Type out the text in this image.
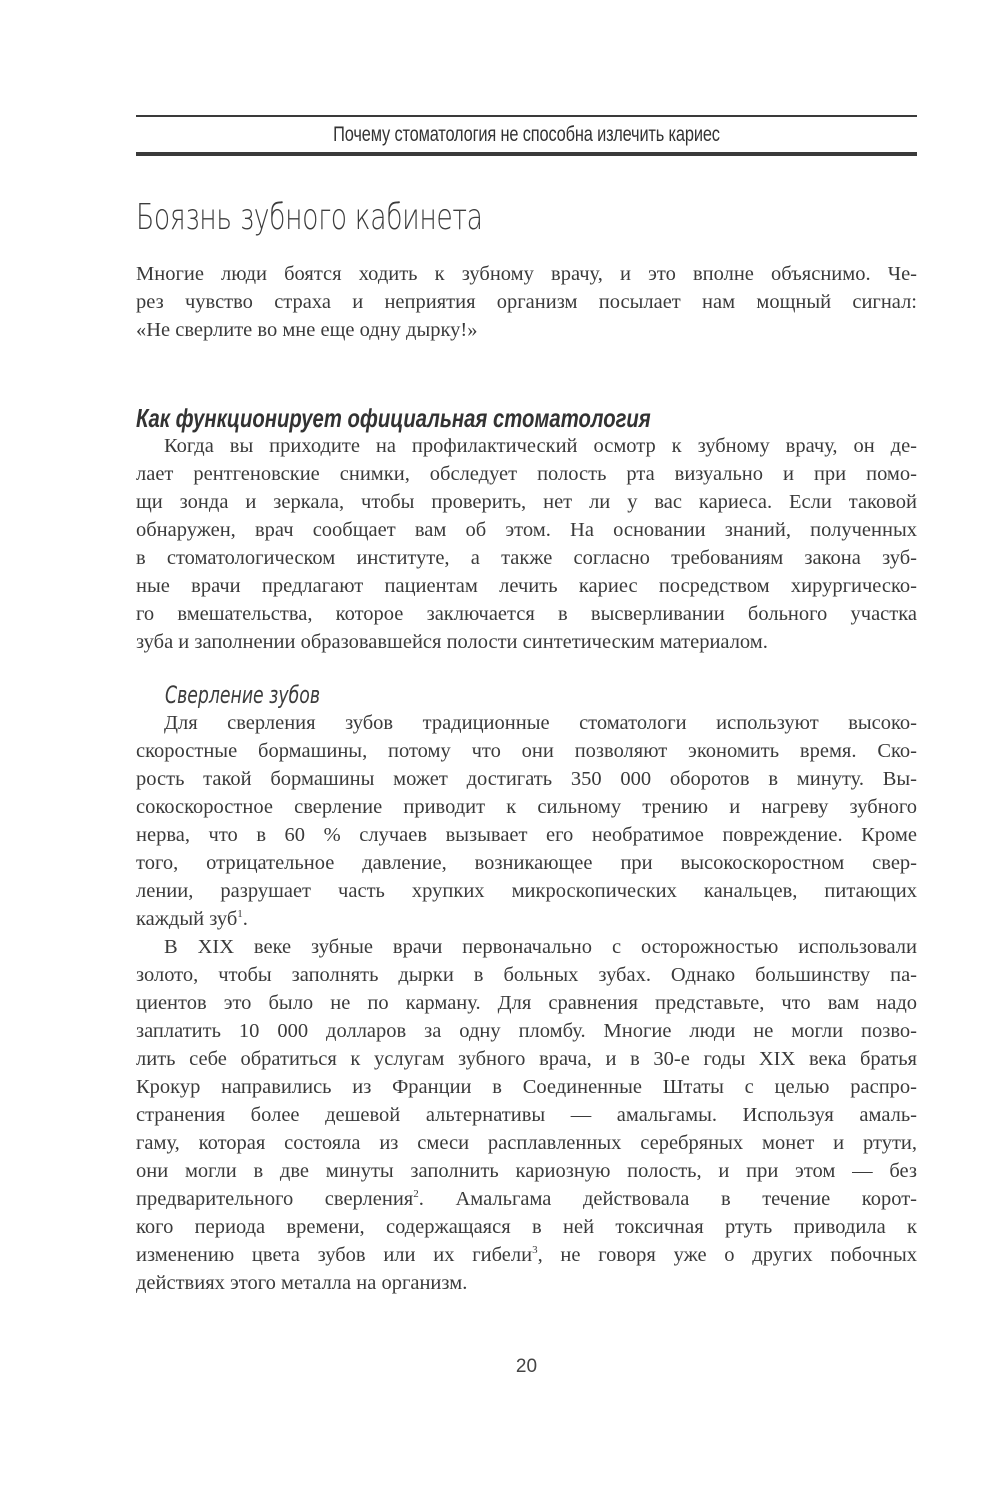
Почему стоматология не способна излечить кариес
Боязнь зубного кабинета
Многие люди боятся ходить к зубному врачу, и это вполне объяснимо. Че-
рез чувство страха и неприятия организм посылает нам мощный сигнал:
«Не сверлите во мне еще одну дырку!»
Как функционирует официальная стоматология
Когда вы приходите на профилактический осмотр к зубному врачу, он де-
лает рентгеновские снимки, обследует полость рта визуально и при помо-
щи зонда и зеркала, чтобы проверить, нет ли у вас кариеса. Если таковой
обнаружен, врач сообщает вам об этом. На основании знаний, полученных
в стоматологическом институте, а также согласно требованиям закона зуб-
ные врачи предлагают пациентам лечить кариес посредством хирургическо-
го вмешательства, которое заключается в высверливании больного участка
зуба и заполнении образовавшейся полости синтетическим материалом.
Сверление зубов
Для сверления зубов традиционные стоматологи используют высоко-
скоростные бормашины, потому что они позволяют экономить время. Ско-
рость такой бормашины может достигать 350 000 оборотов в минуту. Вы-
сокоскоростное сверление приводит к сильному трению и нагреву зубного
нерва, что в 60 % случаев вызывает его необратимое повреждение. Кроме
того, отрицательное давление, возникающее при высокоскоростном свер-
лении, разрушает часть хрупких микроскопических канальцев, питающих
каждый зуб$^1$.
В XIX веке зубные врачи первоначально с осторожностью использовали
золото, чтобы заполнять дырки в больных зубах. Однако большинству па-
циентов это было не по карману. Для сравнения представьте, что вам надо
заплатить 10 000 долларов за одну пломбу. Многие люди не могли позво-
лить себе обратиться к услугам зубного врача, и в 30-е годы XIX века братья
Крокур направились из Франции в Соединенные Штаты с целью распро-
странения более дешевой альтернативы — амальгамы. Используя амаль-
гаму, которая состояла из смеси расплавленных серебряных монет и ртути,
они могли в две минуты заполнить кариозную полость, и при этом — без
предварительного сверления$^2$. Амальгама действовала в течение корот-
кого периода времени, содержащаяся в ней токсичная ртуть приводила к
изменению цвета зубов или их гибели$^3$, не говоря уже о других побочных
действиях этого металла на организм.
20
